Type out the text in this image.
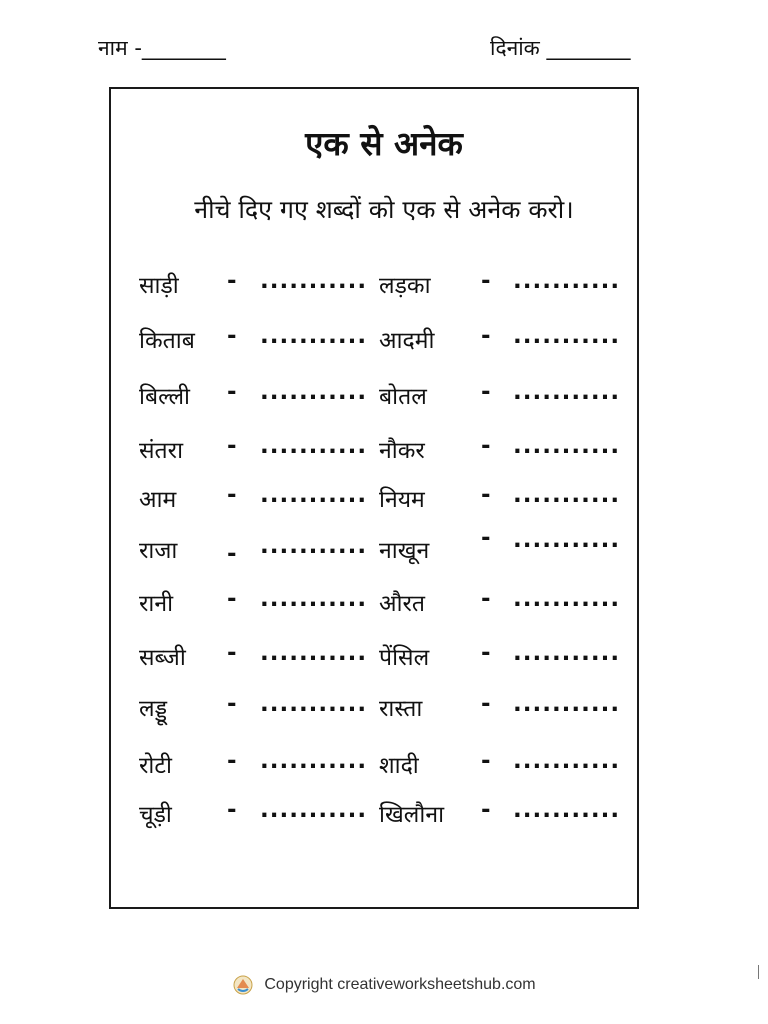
नाम -________	दिनांक ________
एक से अनेक
नीचे दिए गए शब्दों को एक से अनेक करो।
साड़ी - ........... लड़का - ...........
किताब - ........... आदमी - ...........
बिल्ली - ........... बोतल - ...........
संतरा - ........... नौकर - ...........
आम - ........... नियम - ...........
राजा - ........... नाखून - ...........
रानी - ........... औरत - ...........
सब्जी - ........... पेंसिल - ...........
लड्डू	- ........... रास्ता	- ...........
रोटी - ........... शादी	- ...........
चूड़ी - ........... खिलौना - ...........
Copyright creativeworksheetshub.com
